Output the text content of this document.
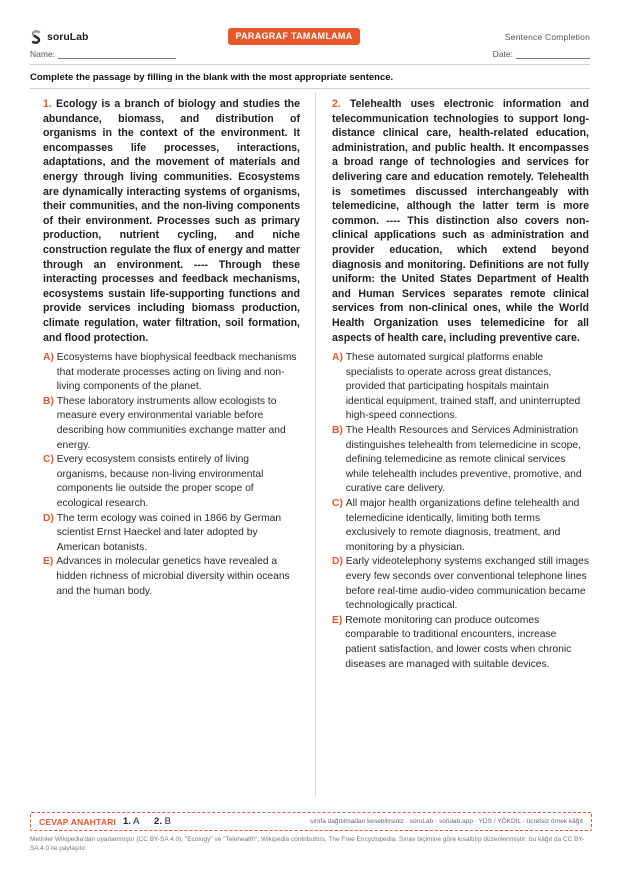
soruLab	PARAGRAF TAMAMLAMA	Sentence Completion
Name:	Date:
Complete the passage by filling in the blank with the most appropriate sentence.

1. Ecology is a branch of biology and studies the abundance, biomass, and distribution of organisms in the context of the environment. It encompasses life processes, interactions, adaptations, and the movement of materials and energy through living communities. Ecosystems are dynamically interacting systems of organisms, their communities, and the non-living components of their environment. Processes such as primary production, nutrient cycling, and niche construction regulate the flux of energy and matter through an environment. ---- Through these interacting processes and feedback mechanisms, ecosystems sustain life-supporting functions and provide services including biomass production, climate regulation, water filtration, soil formation, and flood protection.

A) Ecosystems have biophysical feedback mechanisms that moderate processes acting on living and non-living components of the planet.
B) These laboratory instruments allow ecologists to measure every environmental variable before describing how communities exchange matter and energy.
C) Every ecosystem consists entirely of living organisms, because non-living environmental components lie outside the proper scope of ecological research.
D) The term ecology was coined in 1866 by German scientist Ernst Haeckel and later adopted by American botanists.
E) Advances in molecular genetics have revealed a hidden richness of microbial diversity within oceans and the human body.

2. Telehealth uses electronic information and telecommunication technologies to support long-distance clinical care, health-related education, administration, and public health. It encompasses a broad range of technologies and services for delivering care and education remotely. Telehealth is sometimes discussed interchangeably with telemedicine, although the latter term is more common. ---- This distinction also covers non-clinical applications such as administration and provider education, which extend beyond diagnosis and monitoring. Definitions are not fully uniform: the United States Department of Health and Human Services separates remote clinical services from non-clinical ones, while the World Health Organization uses telemedicine for all aspects of health care, including preventive care.

A) These automated surgical platforms enable specialists to operate across great distances, provided that participating hospitals maintain identical equipment, trained staff, and uninterrupted high-speed connections.
B) The Health Resources and Services Administration distinguishes telehealth from telemedicine in scope, defining telemedicine as remote clinical services while telehealth includes preventive, promotive, and curative care delivery.
C) All major health organizations define telehealth and telemedicine identically, limiting both terms exclusively to remote diagnosis, treatment, and monitoring by a physician.
D) Early videotelephony systems exchanged still images every few seconds over conventional telephone lines before real-time audio-video communication became technologically practical.
E) Remote monitoring can produce outcomes comparable to traditional encounters, increase patient satisfaction, and lower costs when chronic diseases are managed with suitable devices.
CEVAP ANAHTARI 1. A 2. B	sınıfa dağıtılmadan kesebilirsiniz · soruLab · sorulab.app · YDS / YÖKDİL · ücretsiz örnek kâğıt
Metinler Wikipedia'dan uyarlanmıştır (CC BY-SA 4.0): "Ecology" ve "Telehealth"; Wikipedia contributors, The Free Encyclopedia. Sınav biçimine göre kısaltılıp düzenlenmiştir; bu kâğıt da CC BY-SA 4.0 ile paylaşılır.
